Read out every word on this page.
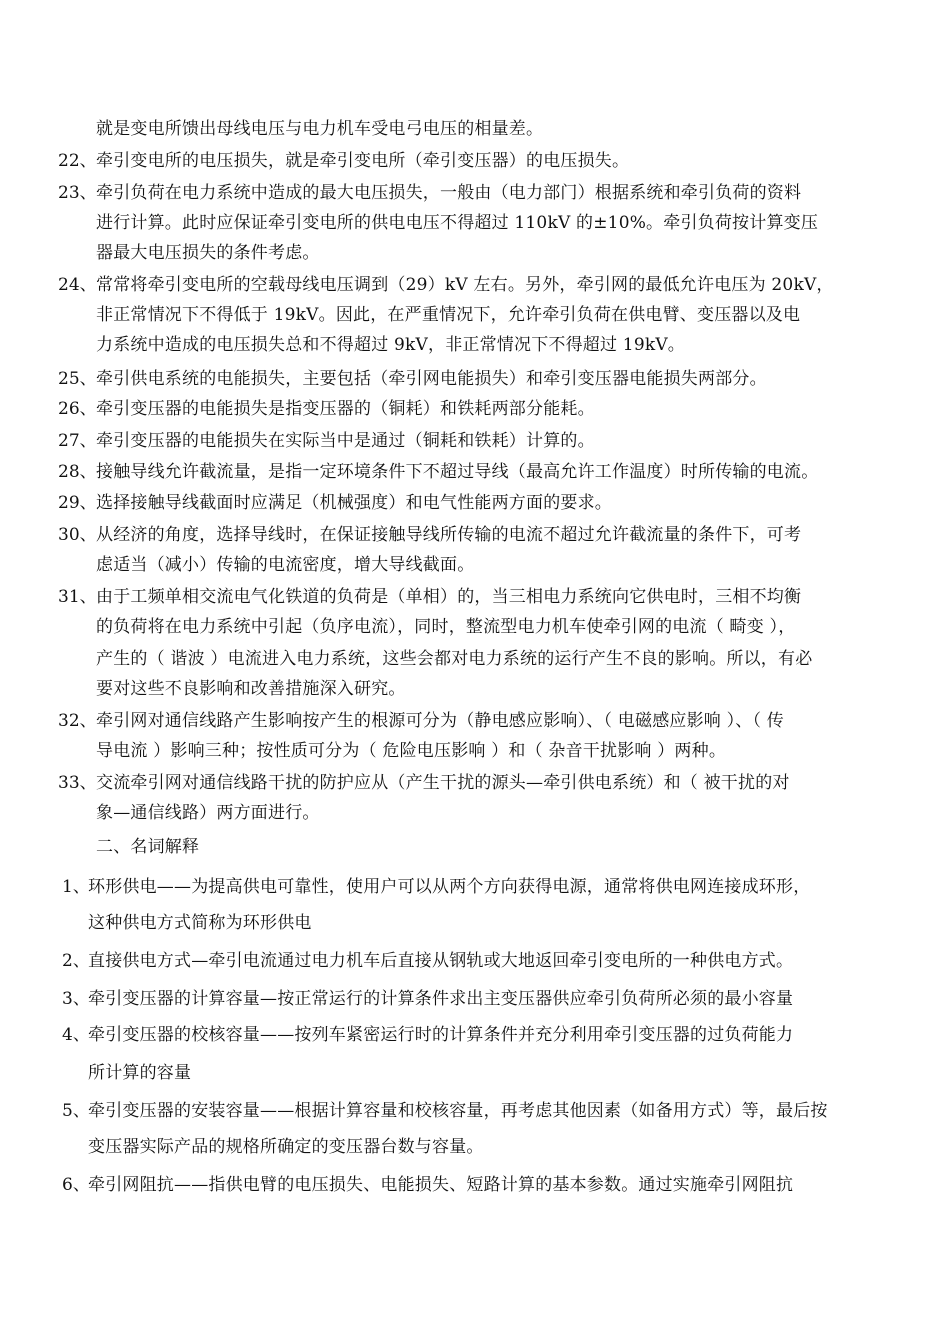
就是变电所馈出母线电压与电力机车受电弓电压的相量差。
22、 牵引变电所的电压损失，就是牵引变电所（牵引变压器）的电压损失。
23、 牵引负荷在电力系统中造成的最大电压损失，一般由（电力部门）根据系统和牵引负荷的资料
进行计算。此时应保证牵引变电所的供电电压不得超过 110kV 的±10%。牵引负荷按计算变压
器最大电压损失的条件考虑。
24、 常常将牵引变电所的空载母线电压调到（29）kV 左右。另外，牵引网的最低允许电压为 20kV，
非正常情况下不得低于 19kV。因此，在严重情况下，允许牵引负荷在供电臂、变压器以及电
力系统中造成的电压损失总和不得超过 9kV，非正常情况下不得超过 19kV。
25、 牵引供电系统的电能损失，主要包括（牵引网电能损失）和牵引变压器电能损失两部分。
26、 牵引变压器的电能损失是指变压器的（铜耗）和铁耗两部分能耗。
27、 牵引变压器的电能损失在实际当中是通过（铜耗和铁耗）计算的。
28、 接触导线允许截流量，是指一定环境条件下不超过导线（最高允许工作温度）时所传输的电流。
29、 选择接触导线截面时应满足（机械强度）和电气性能两方面的要求。
30、 从经济的角度，选择导线时，在保证接触导线所传输的电流不超过允许截流量的条件下，可考
虑适当（减小）传输的电流密度，增大导线截面。
31、 由于工频单相交流电气化铁道的负荷是（单相）的，当三相电力系统向它供电时，三相不均衡
的负荷将在电力系统中引起（负序电流），同时，整流型电力机车使牵引网的电流（ 畸变 ），
产生的（ 谐波 ）电流进入电力系统，这些会都对电力系统的运行产生不良的影响。所以，有必
要对这些不良影响和改善措施深入研究。
32、 牵引网对通信线路产生影响按产生的根源可分为（静电感应影响）、（ 电磁感应影响 ）、（ 传
导电流 ）影响三种；按性质可分为（ 危险电压影响 ）和（ 杂音干扰影响 ）两种。
33、 交流牵引网对通信线路干扰的防护应从（产生干扰的源头—牵引供电系统）和（ 被干扰的对
象—通信线路）两方面进行。
二、名词解释
1、
环形供电——为提高供电可靠性，使用户可以从两个方向获得电源，通常将供电网连接成环形，
这种供电方式简称为环形供电
2、
直接供电方式—牵引电流通过电力机车后直接从钢轨或大地返回牵引变电所的一种供电方式。
3、
牵引变压器的计算容量—按正常运行的计算条件求出主变压器供应牵引负荷所必须的最小容量
4、
牵引变压器的校核容量——按列车紧密运行时的计算条件并充分利用牵引变压器的过负荷能力
所计算的容量
5、
牵引变压器的安装容量——根据计算容量和校核容量，再考虑其他因素（如备用方式）等，最后按
变压器实际产品的规格所确定的变压器台数与容量。
6、
牵引网阻抗——指供电臂的电压损失、电能损失、短路计算的基本参数。通过实施牵引网阻抗
